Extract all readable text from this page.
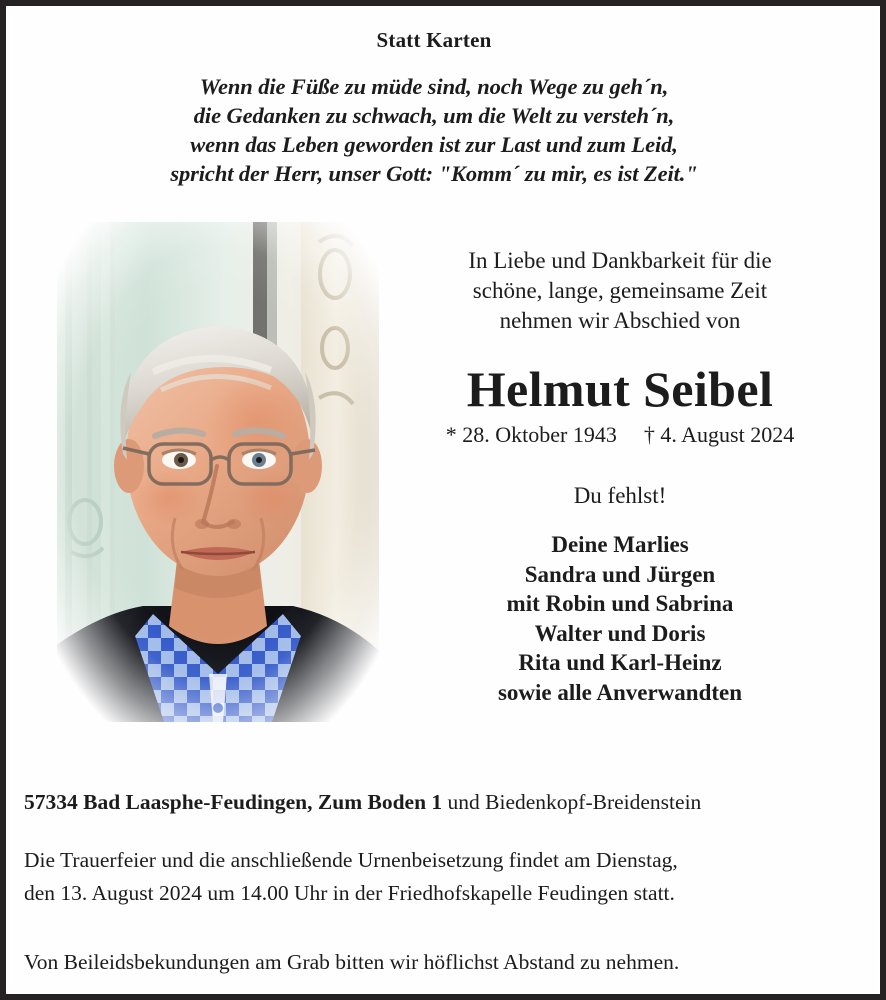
Statt Karten
Wenn die Füße zu müde sind, noch Wege zu geh´n,
die Gedanken zu schwach, um die Welt zu versteh´n,
wenn das Leben geworden ist zur Last und zum Leid,
spricht der Herr, unser Gott: "Komm´ zu mir, es ist Zeit."
In Liebe und Dankbarkeit für die
schöne, lange, gemeinsame Zeit
nehmen wir Abschied von
Helmut Seibel
* 28. Oktober 1943 † 4. August 2024
Du fehlst!
Deine Marlies
Sandra und Jürgen
mit Robin und Sabrina
Walter und Doris
Rita und Karl-Heinz
sowie alle Anverwandten
57334 Bad Laasphe-Feudingen, Zum Boden 1 und Biedenkopf-Breidenstein
Die Trauerfeier und die anschließende Urnenbeisetzung findet am Dienstag,
den 13. August 2024 um 14.00 Uhr in der Friedhofskapelle Feudingen statt.
Von Beileidsbekundungen am Grab bitten wir höflichst Abstand zu nehmen.
